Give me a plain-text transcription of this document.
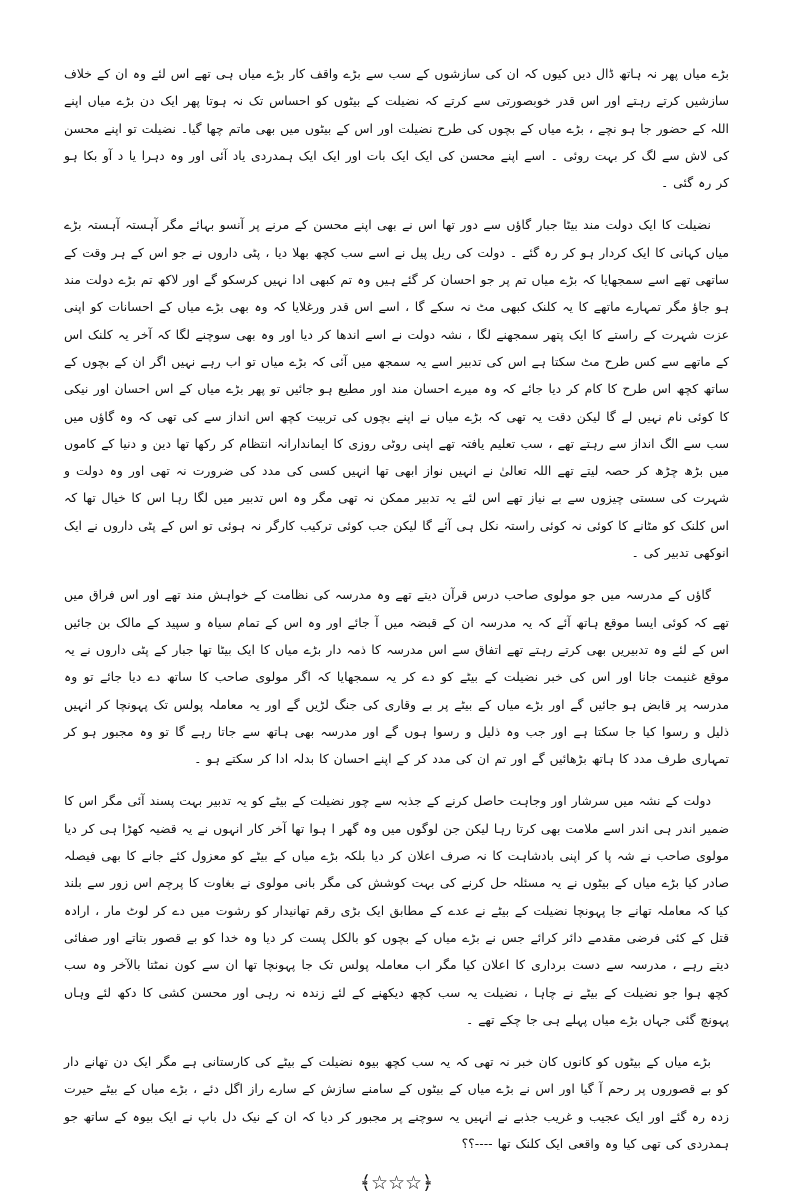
بڑے میاں پھر نہ ہاتھ ڈال دیں کیوں کہ ان کی سازشوں کے سب سے بڑے واقف کار بڑے میاں ہی تھے اس لئے وہ ان کے خلاف سازشیں کرتے رہتے اور اس قدر خوبصورتی سے کرتے کہ نضیلت کے بیٹوں کو احساس تک نہ ہوتا پھر ایک دن بڑے میاں اپنے اللہ کے حضور جا ہو نچے ، بڑے میاں کے بچوں کی طرح نضیلت اور اس کے بیٹوں میں بھی ماتم چھا گیا۔ نضیلت تو اپنے محسن کی لاش سے لگ کر بہت روئی ۔ اسے اپنے محسن کی ایک ایک بات اور ایک ایک ہمدردی یاد آئی اور وہ دہرا یا د آو بکا ہو کر رہ گئی ۔

نضیلت کا ایک دولت مند بیٹا جبار گاؤں سے دور تھا اس نے بھی اپنے محسن کے مرنے پر آنسو بہائے مگر آہستہ آہستہ بڑے میاں کہانی کا ایک کردار ہو کر رہ گئے ۔ دولت کی ریل پیل نے اسے سب کچھ بھلا دیا ، پٹی داروں نے جو اس کے ہر وقت کے ساتھی تھے اسے سمجھایا کہ بڑے میاں تم پر جو احسان کر گئے ہیں وہ تم کبھی ادا نہیں کرسکو گے اور لاکھ تم بڑے دولت مند ہو جاؤ مگر تمہارے ماتھے کا یہ کلنک کبھی مٹ نہ سکے گا ، اسے اس قدر ورغلایا کہ وہ بھی بڑے میاں کے احسانات کو اپنی عزت شہرت کے راستے کا ایک پتھر سمجھنے لگا ، نشہ دولت نے اسے اندھا کر دیا اور وہ بھی سوچنے لگا کہ آخر یہ کلنک اس کے ماتھے سے کس طرح مٹ سکتا ہے اس کی تدبیر اسے یہ سمجھ میں آئی کہ بڑے میاں تو اب رہے نہیں اگر ان کے بچوں کے ساتھ کچھ اس طرح کا کام کر دیا جائے کہ وہ میرے احسان مند اور مطیع ہو جائیں تو پھر بڑے میاں کے اس احسان اور نیکی کا کوئی نام نہیں لے گا لیکن دقت یہ تھی کہ بڑے میاں نے اپنے بچوں کی تربیت کچھ اس انداز سے کی تھی کہ وہ گاؤں میں سب سے الگ انداز سے رہتے تھے ، سب تعلیم یافتہ تھے اپنی روٹی روزی کا ایماندارانہ انتظام کر رکھا تھا دین و دنیا کے کاموں میں بڑھ چڑھ کر حصہ لیتے تھے اللہ تعالیٰ نے انہیں نواز ابھی تھا انہیں کسی کی مدد کی ضرورت نہ تھی اور وہ دولت و شہرت کی سستی چیزوں سے بے نیاز تھے اس لئے یہ تدبیر ممکن نہ تھی مگر وہ اس تدبیر میں لگا رہا اس کا خیال تھا کہ اس کلنک کو مٹانے کا کوئی نہ کوئی راستہ نکل ہی آئے گا لیکن جب کوئی ترکیب کارگر نہ ہوئی تو اس کے پٹی داروں نے ایک انوکھی تدبیر کی ۔

گاؤں کے مدرسہ میں جو مولوی صاحب درس قرآن دیتے تھے وہ مدرسہ کی نظامت کے خواہش مند تھے اور اس فراق میں تھے کہ کوئی ایسا موقع ہاتھ آئے کہ یہ مدرسہ ان کے قبضہ میں آ جائے اور وہ اس کے تمام سیاہ و سپید کے مالک بن جائیں اس کے لئے وہ تدبیریں بھی کرتے رہتے تھے اتفاق سے اس مدرسہ کا ذمہ دار بڑے میاں کا ایک بیٹا تھا جبار کے پٹی داروں نے یہ موقع غنیمت جانا اور اس کی خبر نضیلت کے بیٹے کو دے کر یہ سمجھایا کہ اگر مولوی صاحب کا ساتھ دے دیا جائے تو وہ مدرسہ پر قابض ہو جائیں گے اور بڑے میاں کے بیٹے پر بے وقاری کی جنگ لڑیں گے اور یہ معاملہ پولس تک پہونچا کر انہیں ذلیل و رسوا کیا جا سکتا ہے اور جب وہ ذلیل و رسوا ہوں گے اور مدرسہ بھی ہاتھ سے جاتا رہے گا تو وہ مجبور ہو کر تمہاری طرف مدد کا ہاتھ بڑھائیں گے اور تم ان کی مدد کر کے اپنے احسان کا بدلہ ادا کر سکتے ہو ۔

دولت کے نشہ میں سرشار اور وجاہت حاصل کرنے کے جذبہ سے چور نضیلت کے بیٹے کو یہ تدبیر بہت پسند آئی مگر اس کا ضمیر اندر ہی اندر اسے ملامت بھی کرتا رہا لیکن جن لوگوں میں وہ گھر ا ہوا تھا آخر کار انہوں نے یہ قضیہ کھڑا ہی کر دیا مولوی صاحب نے شہ پا کر اپنی بادشاہت کا نہ صرف اعلان کر دیا بلکہ بڑے میاں کے بیٹے کو معزول کئے جانے کا بھی فیصلہ صادر کیا بڑے میاں کے بیٹوں نے یہ مسئلہ حل کرنے کی بہت کوشش کی مگر بانی مولوی نے بغاوت کا پرچم اس زور سے بلند کیا کہ معاملہ تھانے جا پہونچا نضیلت کے بیٹے نے عدے کے مطابق ایک بڑی رقم تھانیدار کو رشوت میں دے کر لوٹ مار ، ارادہ قتل کے کئی فرضی مقدمے دائر کرائے جس نے بڑے میاں کے بچوں کو بالکل پست کر دیا وہ خدا کو بے قصور بتاتے اور صفائی دیتے رہے ، مدرسہ سے دست برداری کا اعلان کیا مگر اب معاملہ پولس تک جا پہونچا تھا ان سے کون نمٹتا بالآخر وہ سب کچھ ہوا جو نضیلت کے بیٹے نے چاہا ، نضیلت یہ سب کچھ دیکھنے کے لئے زندہ نہ رہی اور محسن کشی کا دکھ لئے وہاں پہونچ گئی جہاں بڑے میاں پہلے ہی جا چکے تھے ۔

بڑے میاں کے بیٹوں کو کانوں کان خبر نہ تھی کہ یہ سب کچھ بیوہ نضیلت کے بیٹے کی کارستانی ہے مگر ایک دن تھانے دار کو بے قصوروں پر رحم آ گیا اور اس نے بڑے میاں کے بیٹوں کے سامنے سازش کے سارے راز اگل دئے ، بڑے میاں کے بیٹے حیرت زدہ رہ گئے اور ایک عجیب و غریب جذبے نے انہیں یہ سوچنے پر مجبور کر دیا کہ ان کے نیک دل باپ نے ایک بیوہ کے ساتھ جو ہمدردی کی تھی کیا وہ واقعی ایک کلنک تھا ----؟؟

﴾☆☆☆﴿
